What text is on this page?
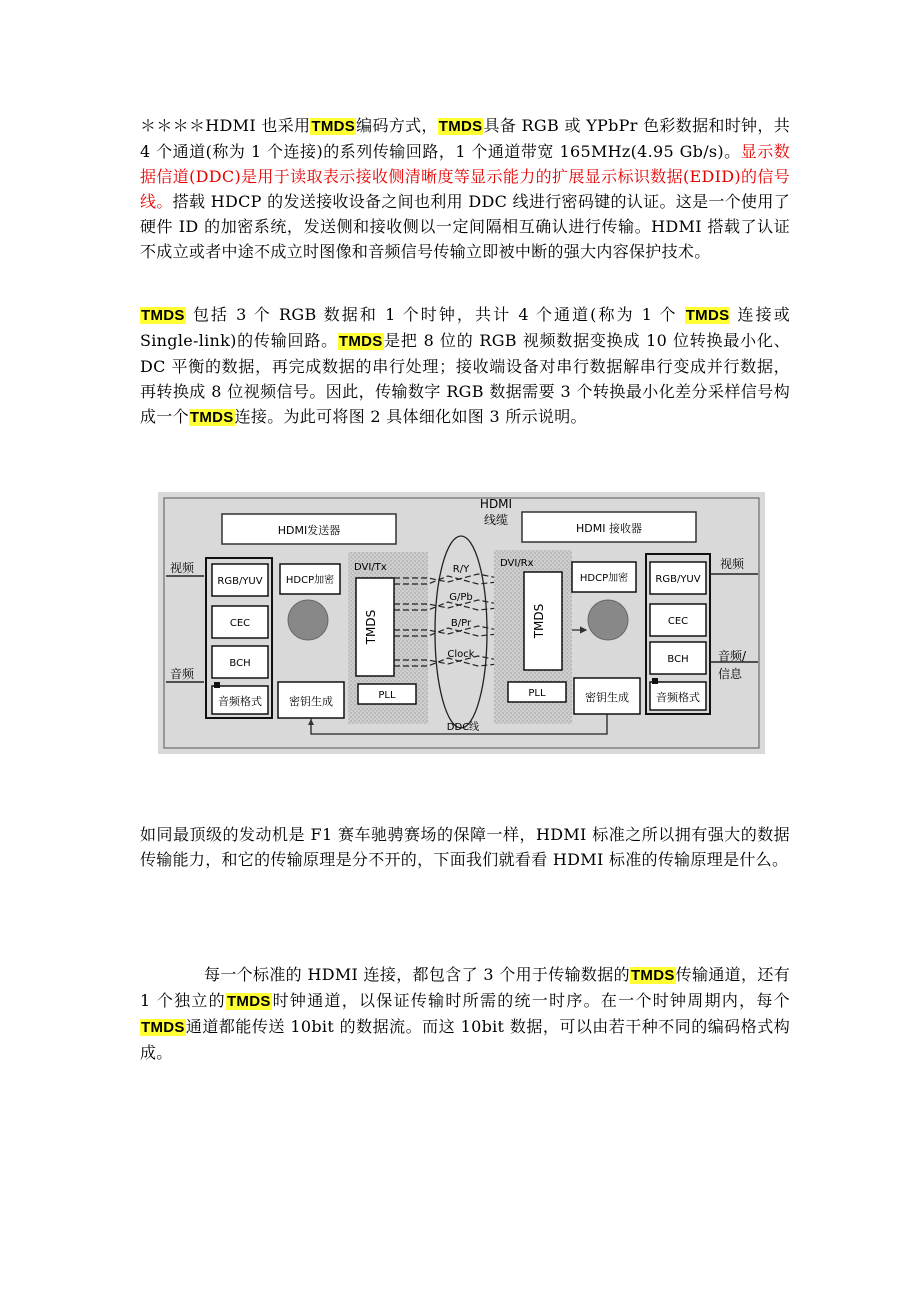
＊＊＊＊HDMI 也采用TMDS编码方式，TMDS具备 RGB 或 YPbPr 色彩数据和时钟，共 4 个通道(称为 1 个连接)的系列传输回路，1 个通道带宽 165MHz(4.95 Gb/s)。显示数据信道(DDC)是用于读取表示接收侧清晰度等显示能力的扩展显示标识数据(EDID)的信号线。搭载 HDCP 的发送接收设备之间也利用 DDC 线进行密码键的认证。这是一个使用了硬件 ID 的加密系统，发送侧和接收侧以一定间隔相互确认进行传输。HDMI 搭载了认证不成立或者中途不成立时图像和音频信号传输立即被中断的强大内容保护技术。

TMDS 包括 3 个 RGB 数据和 1 个时钟，共计 4 个通道(称为 1 个 TMDS 连接或 Single-link)的传输回路。TMDS是把 8 位的 RGB 视频数据变换成 10 位转换最小化、DC 平衡的数据，再完成数据的串行处理；接收端设备对串行数据解串行变成并行数据，再转换成 8 位视频信号。因此，传输数字 RGB 数据需要 3 个转换最小化差分采样信号构成一个TMDS连接。为此可将图 2 具体细化如图 3 所示说明。

HDMI发送器	HDMI 接收器
HDMI
线缆
视频
音频
RGB/YUV
CEC
BCH
音频格式
HDCP加密
密钥生成
DVI/Tx
TMDS
PLL
R/Y
G/Pb
B/Pr
Clock
DVI/Rx
TMDS
PLL
HDCP加密
密钥生成
RGB/YUV
CEC
BCH
音频格式
视频
音频/
信息
DDC线

如同最顶级的发动机是 F1 赛车驰骋赛场的保障一样，HDMI 标准之所以拥有强大的数据传输能力，和它的传输原理是分不开的，下面我们就看看 HDMI 标准的传输原理是什么。

每一个标准的 HDMI 连接，都包含了 3 个用于传输数据的TMDS传输通道，还有 1 个独立的TMDS时钟通道，以保证传输时所需的统一时序。在一个时钟周期内，每个TMDS通道都能传送 10bit 的数据流。而这 10bit 数据，可以由若干种不同的编码格式构成。
